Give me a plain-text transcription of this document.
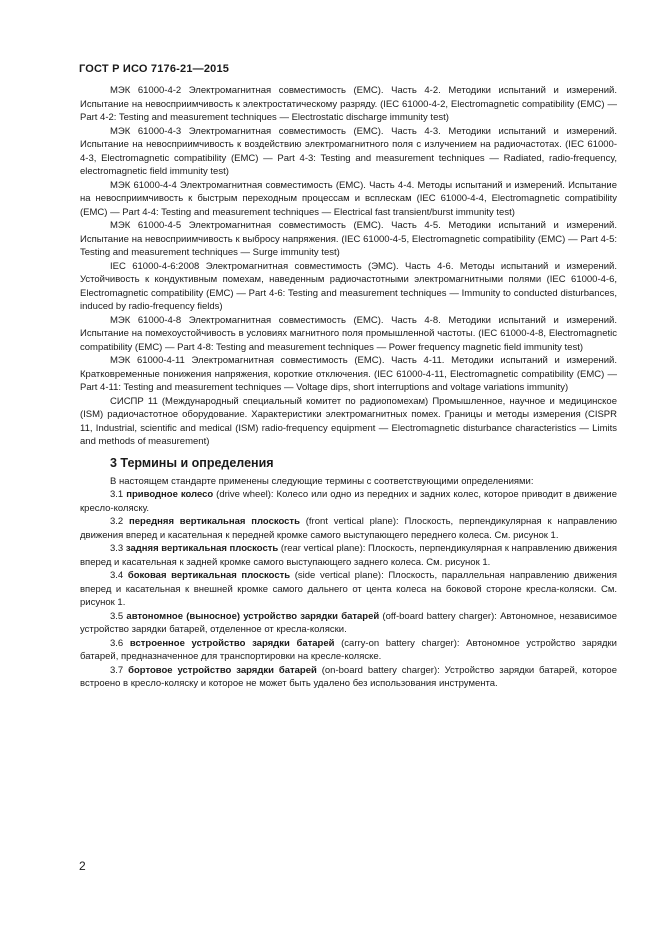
ГОСТ Р ИСО 7176-21—2015

МЭК 61000-4-2 Электромагнитная совместимость (ЕМС). Часть 4-2. Методики испытаний и измерений. Испытание на невосприимчивость к электростатическому разряду. (IEC 61000-4-2, Electromagnetic compatibility (EMC) — Part 4-2: Testing and measurement techniques — Electrostatic discharge immunity test)

МЭК 61000-4-3 Электромагнитная совместимость (ЕМС). Часть 4-3. Методики испытаний и измерений. Испытание на невосприимчивость к воздействию электромагнитного поля с излучением на радиочастотах. (IEC 61000-4-3, Electromagnetic compatibility (EMC) — Part 4-3: Testing and measurement techniques — Radiated, radio-frequency, electromagnetic field immunity test)

МЭК 61000-4-4 Электромагнитная совместимость (ЕМС). Часть 4-4. Методы испытаний и измерений. Испытание на невосприимчивость к быстрым переходным процессам и всплескам (IEC 61000-4-4, Electromagnetic compatibility (EMC) — Part 4-4: Testing and measurement techniques — Electrical fast transient/burst immunity test)

МЭК 61000-4-5 Электромагнитная совместимость (ЕМС). Часть 4-5. Методики испытаний и измерений. Испытание на невосприимчивость к выбросу напряжения. (IEC 61000-4-5, Electromagnetic compatibility (EMC) — Part 4-5: Testing and measurement techniques — Surge immunity test)

IEC 61000-4-6:2008 Электромагнитная совместимость (ЭМС). Часть 4-6. Методы испытаний и измерений. Устойчивость к кондуктивным помехам, наведенным радиочастотными электромагнитными полями (IEC 61000-4-6, Electromagnetic compatibility (EMC) — Part 4-6: Testing and measurement techniques — Immunity to conducted disturbances, induced by radio-frequency fields)

МЭК 61000-4-8 Электромагнитная совместимость (ЕМС). Часть 4-8. Методики испытаний и измерений. Испытание на помехоустойчивость в условиях магнитного поля промышленной частоты. (IEC 61000-4-8, Electromagnetic compatibility (EMC) — Part 4-8: Testing and measurement techniques — Power frequency magnetic field immunity test)

МЭК 61000-4-11 Электромагнитная совместимость (ЕМС). Часть 4-11. Методики испытаний и измерений. Кратковременные понижения напряжения, короткие отключения. (IEC 61000-4-11, Electromagnetic compatibility (EMC) — Part 4-11: Testing and measurement techniques — Voltage dips, short interruptions and voltage variations immunity)

СИСПР 11 (Международный специальный комитет по радиопомехам) Промышленное, научное и медицинское (ISM) радиочастотное оборудование. Характеристики электромагнитных помех. Границы и методы измерения (CISPR 11, Industrial, scientific and medical (ISM) radio-frequency equipment — Electromagnetic disturbance characteristics — Limits and methods of measurement)

3 Термины и определения

В настоящем стандарте применены следующие термины с соответствующими определениями:

3.1 приводное колесо (drive wheel): Колесо или одно из передних и задних колес, которое приводит в движение кресло-коляску.

3.2 передняя вертикальная плоскость (front vertical plane): Плоскость, перпендикулярная к направлению движения вперед и касательная к передней кромке самого выступающего переднего колеса. См. рисунок 1.

3.3 задняя вертикальная плоскость (rear vertical plane): Плоскость, перпендикулярная к направлению движения вперед и касательная к задней кромке самого выступающего заднего колеса. См. рисунок 1.

3.4 боковая вертикальная плоскость (side vertical plane): Плоскость, параллельная направлению движения вперед и касательная к внешней кромке самого дальнего от цента колеса на боковой стороне кресла-коляски. См. рисунок 1.

3.5 автономное (выносное) устройство зарядки батарей (off-board battery charger): Автономное, независимое устройство зарядки батарей, отделенное от кресла-коляски.

3.6 встроенное устройство зарядки батарей (carry-on battery charger): Автономное устройство зарядки батарей, предназначенное для транспортировки на кресле-коляске.

3.7 бортовое устройство зарядки батарей (on-board battery charger): Устройство зарядки батарей, которое встроено в кресло-коляску и которое не может быть удалено без использования инструмента.

2
